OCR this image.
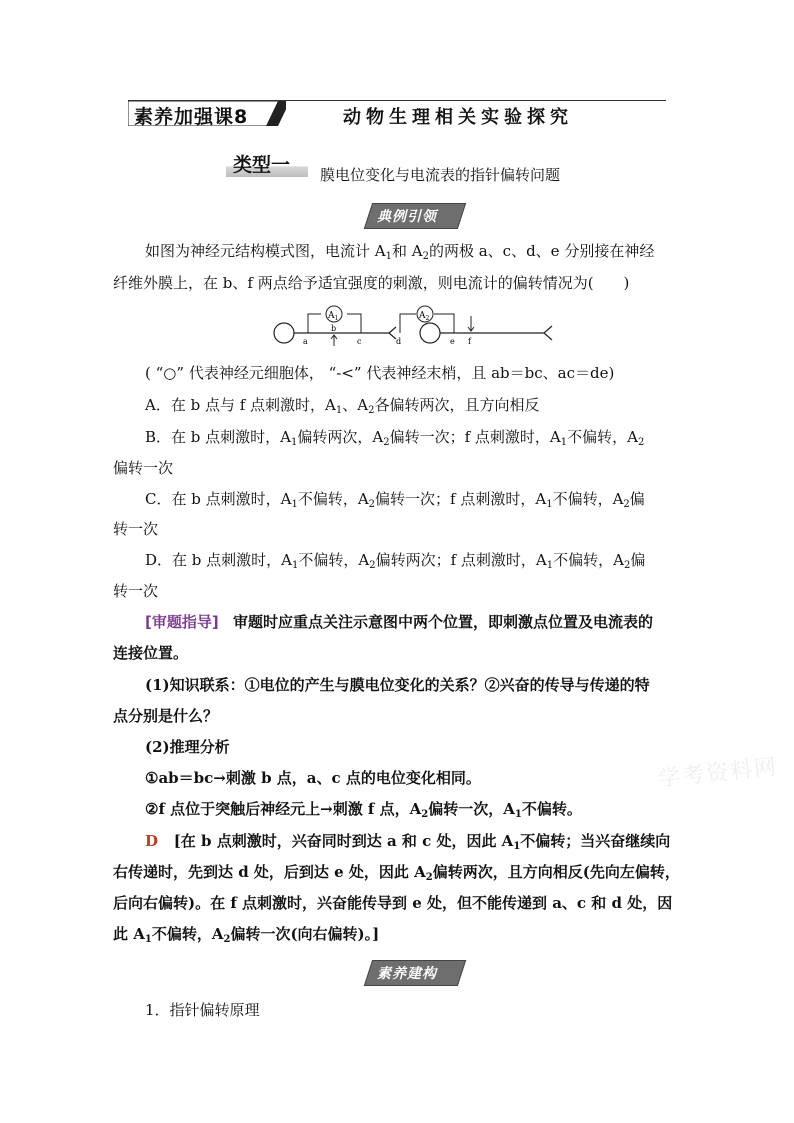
素养加强课8	动物生理相关实验探究
类型一 膜电位变化与电流表的指针偏转问题
典例引领
如图为神经元结构模式图，电流计 $A_1$和 $A_2$的两极 a、c、d、e 分别接在神经
纤维外膜上，在 b、f 两点给予适宜强度的刺激，则电流计的偏转情况为(　　)
$A_1$	$A_2$
a
b
c	d	e f
( “○” 代表神经元细胞体， “-<” 代表神经末梢，且 ab＝bc、ac＝de)
A．在 b 点与 f 点刺激时，$A_1$、$A_2$各偏转两次，且方向相反
B．在 b 点刺激时，$A_1$偏转两次，$A_2$偏转一次；f 点刺激时，$A_1$不偏转，$A_2$
偏转一次
C．在 b 点刺激时，$A_1$不偏转，$A_2$偏转一次；f 点刺激时，$A_1$不偏转，$A_2$偏
转一次
D．在 b 点刺激时，$A_1$不偏转，$A_2$偏转两次；f 点刺激时，$A_1$不偏转，$A_2$偏
转一次
[审题指导] 审题时应重点关注示意图中两个位置，即刺激点位置及电流表的
连接位置。
(1)知识联系：①电位的产生与膜电位变化的关系？②兴奋的传导与传递的特
点分别是什么？
(2)推理分析
①ab＝bc→刺激 b 点，a、c 点的电位变化相同。
②f 点位于突触后神经元上→刺激 f 点，$A_2$偏转一次，$A_1$不偏转。
学考资料网
D [在 b 点刺激时，兴奋同时到达 a 和 c 处，因此 $A_1$不偏转；当兴奋继续向
右传递时，先到达 d 处，后到达 e 处，因此 $A_2$偏转两次，且方向相反(先向左偏转，
后向右偏转)。在 f 点刺激时，兴奋能传导到 e 处，但不能传递到 a、c 和 d 处，因
此 $A_1$不偏转，$A_2$偏转一次(向右偏转)。]
素养建构
1．指针偏转原理
